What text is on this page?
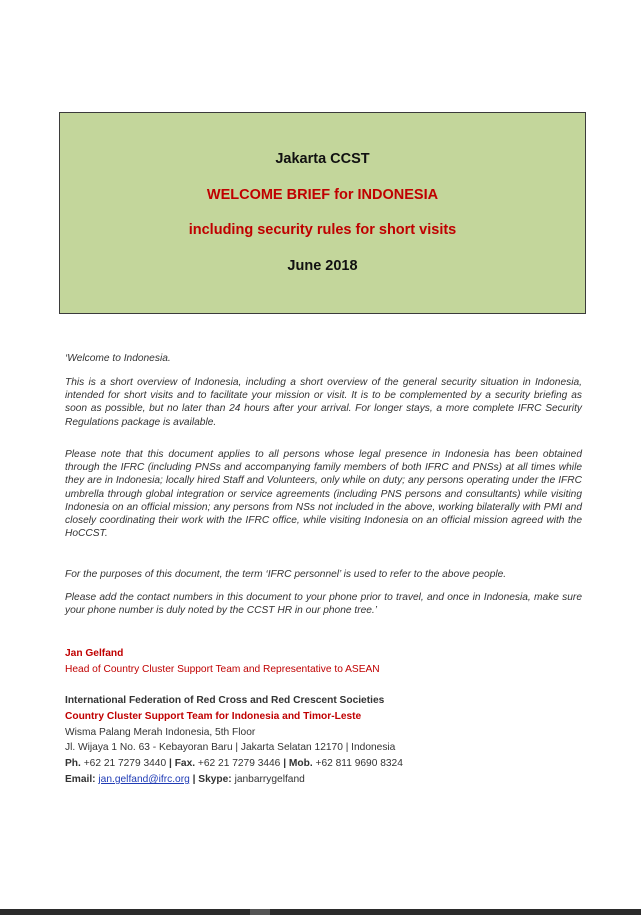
Jakarta CCST
WELCOME BRIEF for INDONESIA
including security rules for short visits
June 2018
‘Welcome to Indonesia.
This is a short overview of Indonesia, including a short overview of the general security situation in Indonesia, intended for short visits and to facilitate your mission or visit. It is to be complemented by a security briefing as soon as possible, but no later than 24 hours after your arrival. For longer stays, a more complete IFRC Security Regulations package is available.
Please note that this document applies to all persons whose legal presence in Indonesia has been obtained through the IFRC (including PNSs and accompanying family members of both IFRC and PNSs) at all times while they are in Indonesia; locally hired Staff and Volunteers, only while on duty; any persons operating under the IFRC umbrella through global integration or service agreements (including PNS persons and consultants) while visiting Indonesia on an official mission; any persons from NSs not included in the above, working bilaterally with PMI and closely coordinating their work with the IFRC office, while visiting Indonesia on an official mission agreed with the HoCCST.
For the purposes of this document, the term ‘IFRC personnel’ is used to refer to the above people.
Please add the contact numbers in this document to your phone prior to travel, and once in Indonesia, make sure your phone number is duly noted by the CCST HR in our phone tree.’
Jan Gelfand
Head of Country Cluster Support Team and Representative to ASEAN
International Federation of Red Cross and Red Crescent Societies
Country Cluster Support Team for Indonesia and Timor-Leste
Wisma Palang Merah Indonesia, 5th Floor
Jl. Wijaya 1 No. 63 - Kebayoran Baru | Jakarta Selatan 12170 | Indonesia
Ph. +62 21 7279 3440 | Fax. +62 21 7279 3446 | Mob. +62 811 9690 8324
Email: jan.gelfand@ifrc.org | Skype: janbarrygelfand
